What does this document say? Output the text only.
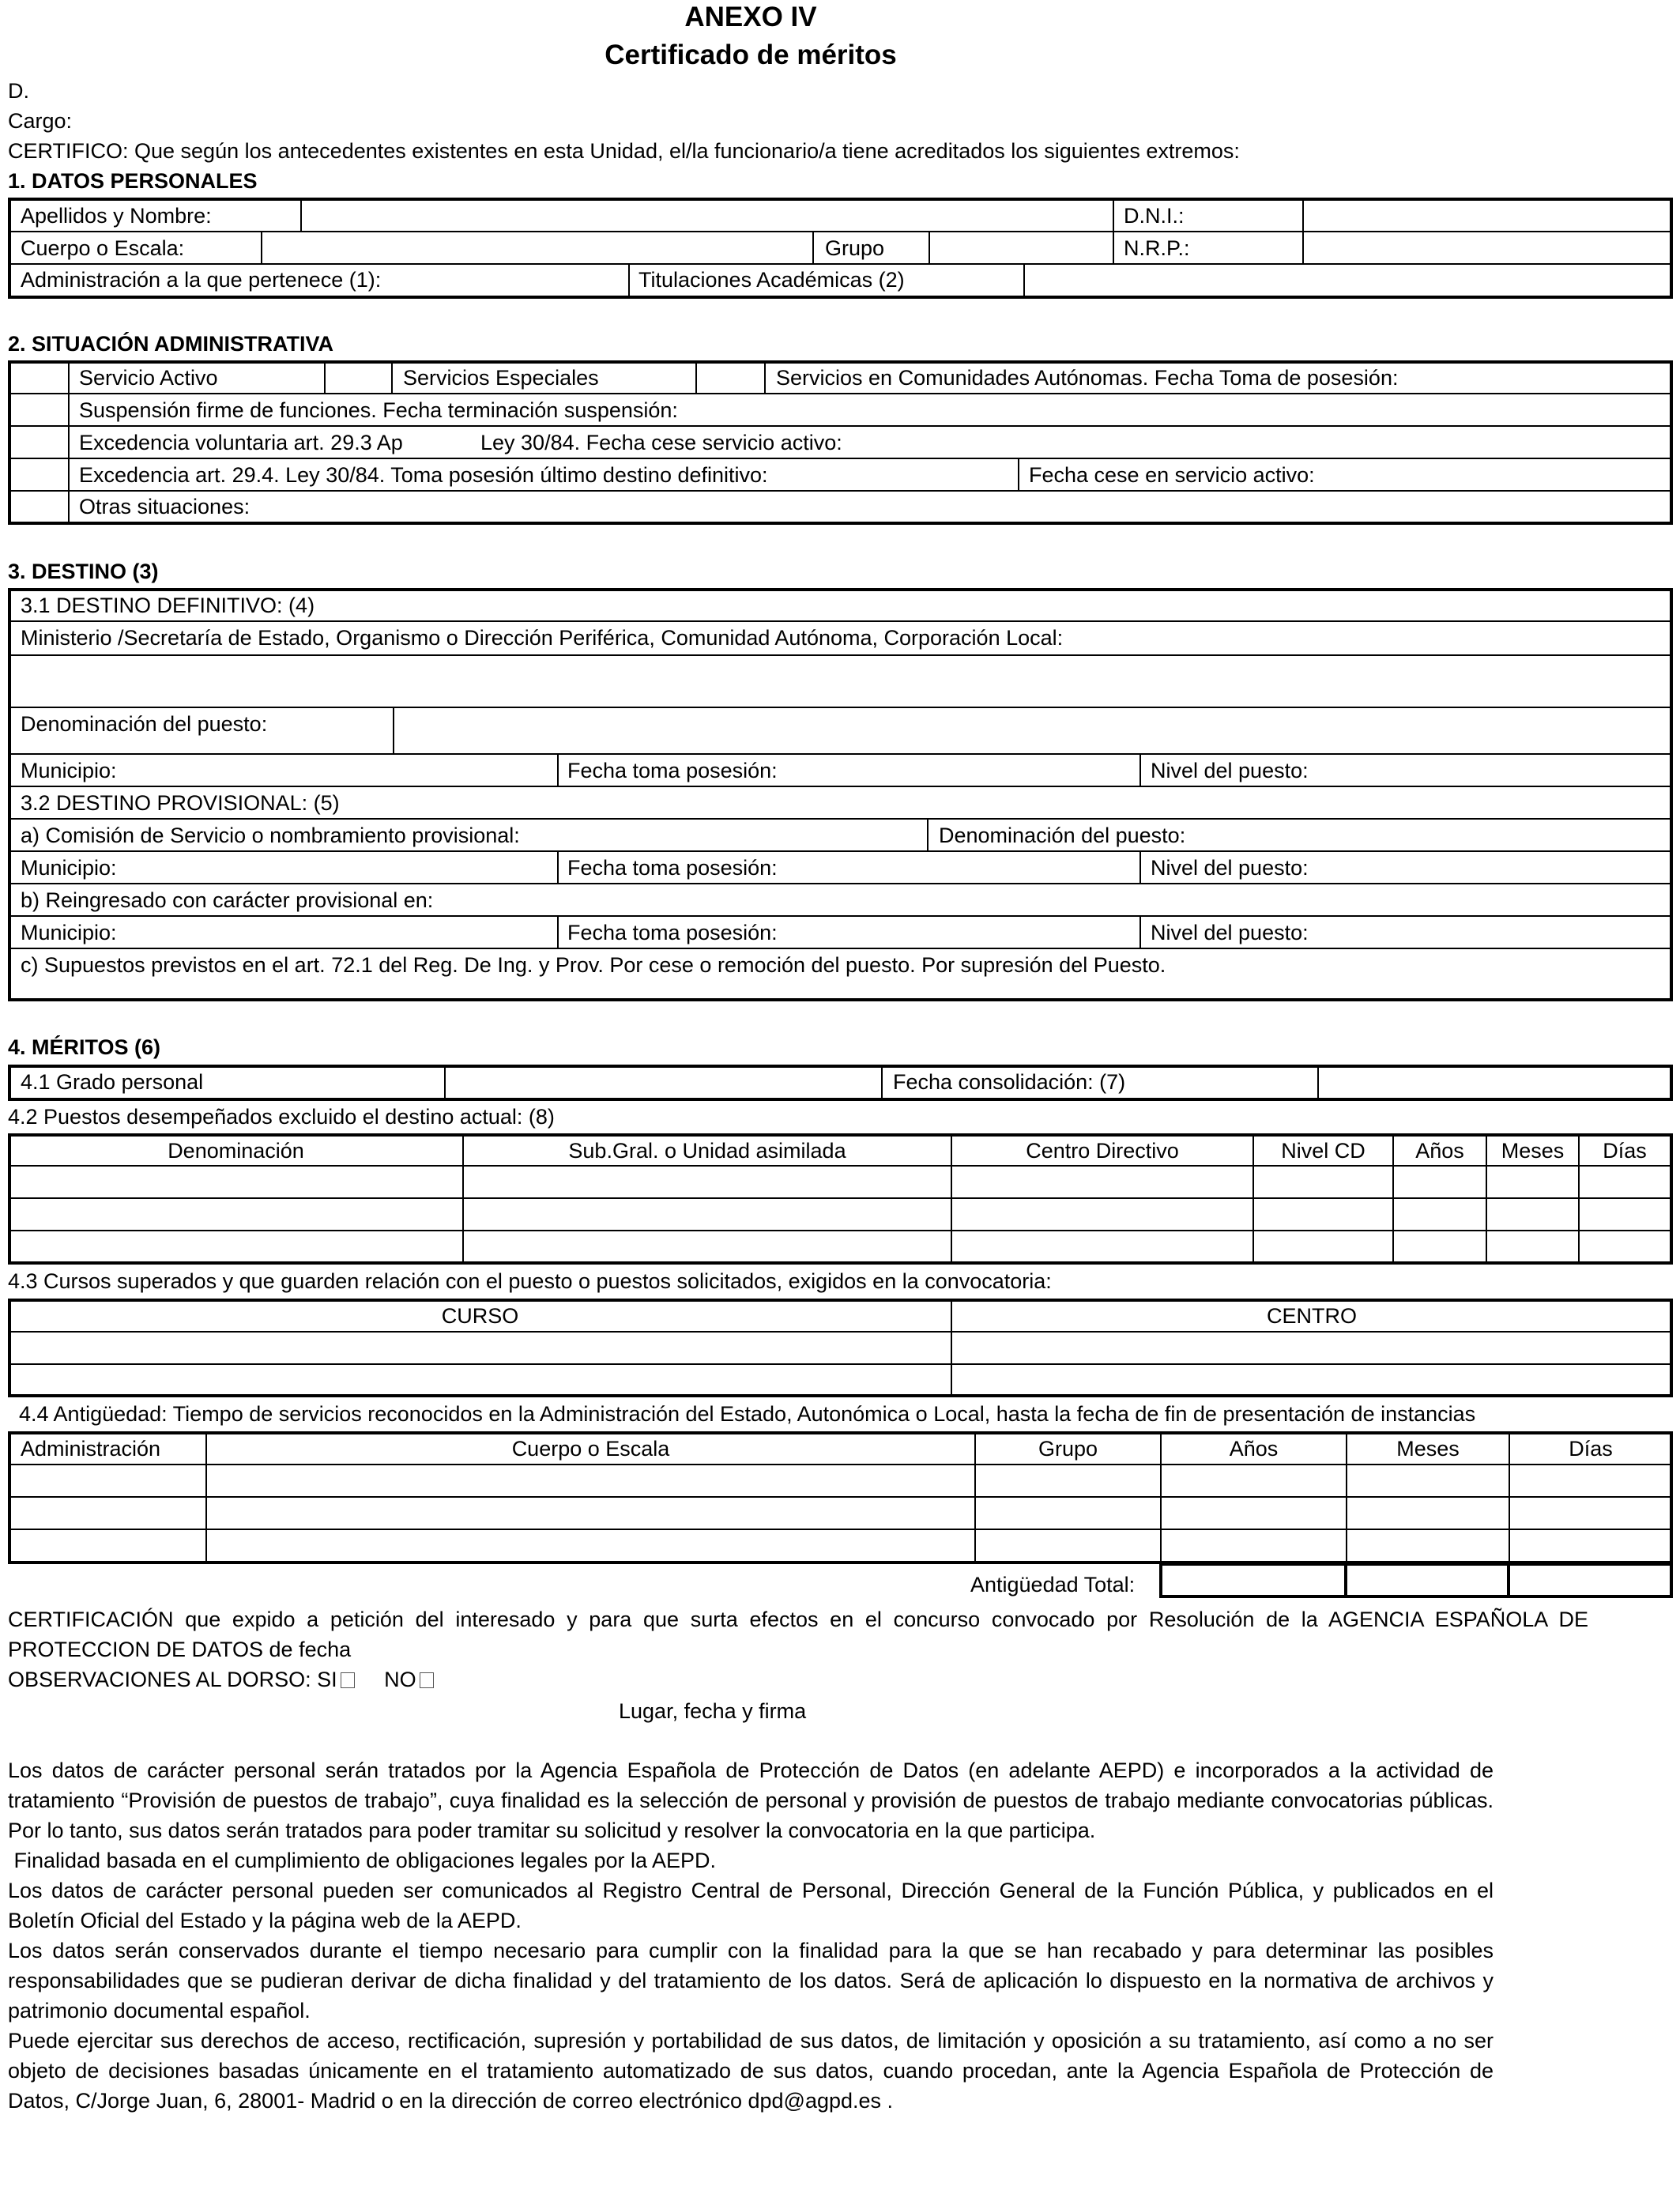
ANEXO IV
Certificado de méritos
D.
Cargo:
CERTIFICO: Que según los antecedentes existentes en esta Unidad, el/la funcionario/a tiene acreditados los siguientes extremos:
1. DATOS PERSONALES
Apellidos y Nombre:	D.N.I.:
Cuerpo o Escala:	Grupo	N.R.P.:
Administración a la que pertenece (1):	Titulaciones Académicas (2)
2. SITUACIÓN ADMINISTRATIVA
Servicio Activo	Servicios Especiales	Servicios en Comunidades Autónomas. Fecha Toma de posesión:
Suspensión firme de funciones. Fecha terminación suspensión:
Excedencia voluntaria art. 29.3 Ap	Ley 30/84. Fecha cese servicio activo:
Excedencia art. 29.4. Ley 30/84. Toma posesión último destino definitivo:	Fecha cese en servicio activo:
Otras situaciones:
3. DESTINO (3)
3.1 DESTINO DEFINITIVO: (4)
Ministerio /Secretaría de Estado, Organismo o Dirección Periférica, Comunidad Autónoma, Corporación Local:
Denominación del puesto:
Municipio:	Fecha toma posesión:	Nivel del puesto:
3.2 DESTINO PROVISIONAL: (5)
a) Comisión de Servicio o nombramiento provisional:	Denominación del puesto:
Municipio:	Fecha toma posesión:	Nivel del puesto:
b) Reingresado con carácter provisional en:
Municipio:	Fecha toma posesión:	Nivel del puesto:
c) Supuestos previstos en el art. 72.1 del Reg. De Ing. y Prov. Por cese o remoción del puesto. Por supresión del Puesto.
4. MÉRITOS (6)
4.1 Grado personal	Fecha consolidación: (7)
4.2 Puestos desempeñados excluido el destino actual: (8)
Denominación	Sub.Gral. o Unidad asimilada	Centro Directivo	Nivel CD	Años	Meses	Días
4.3 Cursos superados y que guarden relación con el puesto o puestos solicitados, exigidos en la convocatoria:
CURSO	CENTRO
4.4 Antigüedad: Tiempo de servicios reconocidos en la Administración del Estado, Autonómica o Local, hasta la fecha de fin de presentación de instancias
Administración	Cuerpo o Escala	Grupo	Años	Meses	Días
Antigüedad Total:
CERTIFICACIÓN que expido a petición del interesado y para que surta efectos en el concurso convocado por Resolución de la AGENCIA ESPAÑOLA DE PROTECCION DE DATOS de fecha
OBSERVACIONES AL DORSO: SI NO
Lugar, fecha y firma

Los datos de carácter personal serán tratados por la Agencia Española de Protección de Datos (en adelante AEPD) e incorporados a la actividad de tratamiento “Provisión de puestos de trabajo”, cuya finalidad es la selección de personal y provisión de puestos de trabajo mediante convocatorias públicas. Por lo tanto, sus datos serán tratados para poder tramitar su solicitud y resolver la convocatoria en la que participa.

Finalidad basada en el cumplimiento de obligaciones legales por la AEPD.

Los datos de carácter personal pueden ser comunicados al Registro Central de Personal, Dirección General de la Función Pública, y publicados en el Boletín Oficial del Estado y la página web de la AEPD.

Los datos serán conservados durante el tiempo necesario para cumplir con la finalidad para la que se han recabado y para determinar las posibles responsabilidades que se pudieran derivar de dicha finalidad y del tratamiento de los datos. Será de aplicación lo dispuesto en la normativa de archivos y patrimonio documental español.

Puede ejercitar sus derechos de acceso, rectificación, supresión y portabilidad de sus datos, de limitación y oposición a su tratamiento, así como a no ser objeto de decisiones basadas únicamente en el tratamiento automatizado de sus datos, cuando procedan, ante la Agencia Española de Protección de Datos, C/Jorge Juan, 6, 28001- Madrid o en la dirección de correo electrónico dpd@agpd.es .
